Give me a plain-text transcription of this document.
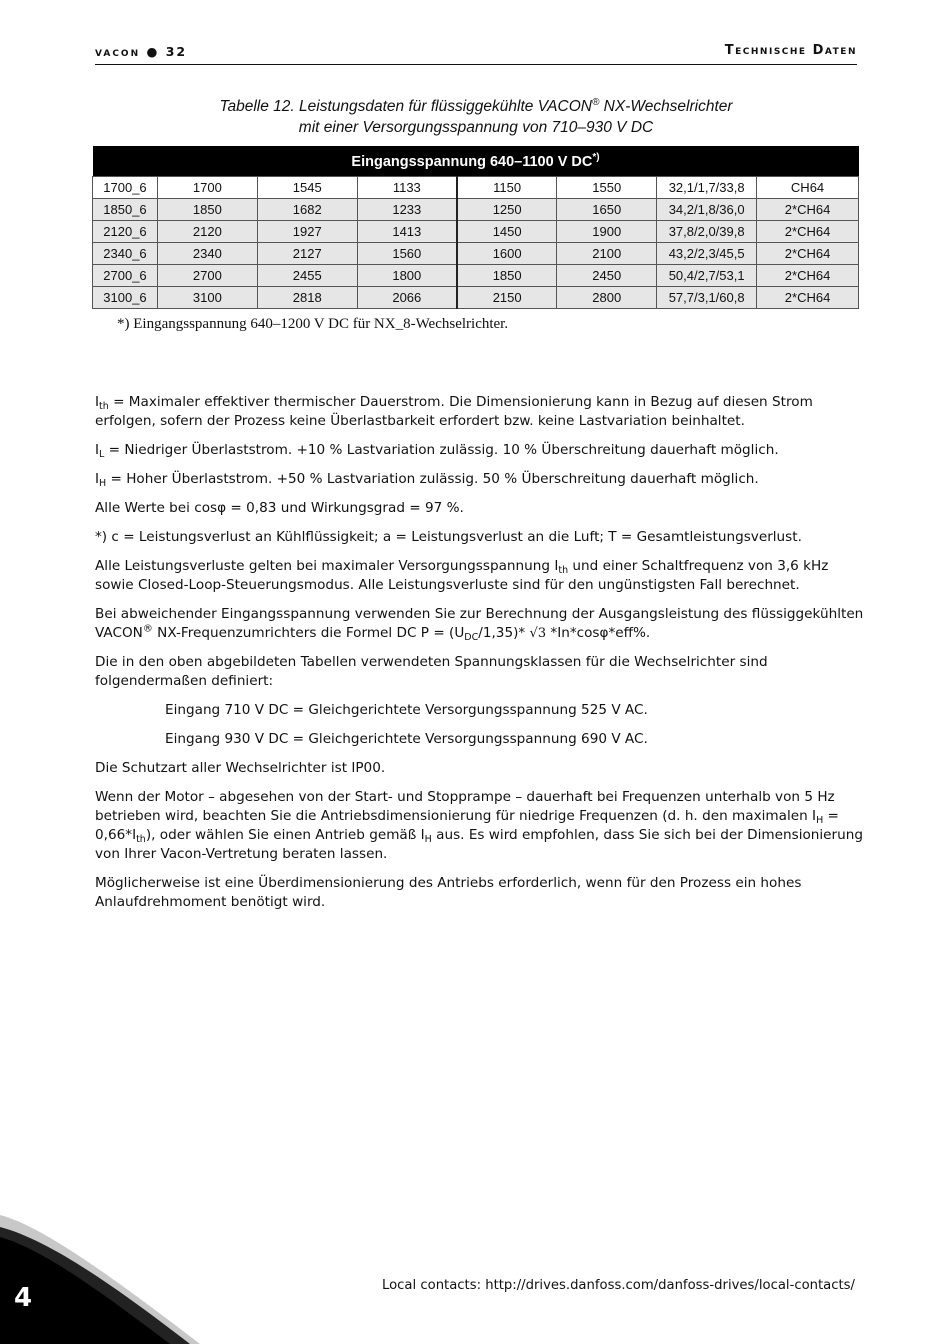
vacon ● 32	Technische Daten
Tabelle 12. Leistungsdaten für flüssiggekühlte VACON® NX-Wechselrichter
mit einer Versorgungsspannung von 710–930 V DC
Eingangsspannung 640–1100 V DC*)
1700_6	1700	1545	1133	1150	1550	32,1/1,7/33,8	CH64
1850_6	1850	1682	1233	1250	1650	34,2/1,8/36,0	2*CH64
2120_6	2120	1927	1413	1450	1900	37,8/2,0/39,8	2*CH64
2340_6	2340	2127	1560	1600	2100	43,2/2,3/45,5	2*CH64
2700_6	2700	2455	1800	1850	2450	50,4/2,7/53,1	2*CH64
3100_6	3100	2818	2066	2150	2800	57,7/3,1/60,8	2*CH64
*) Eingangsspannung 640–1200 V DC für NX_8-Wechselrichter.

$I_{th}$ = Maximaler effektiver thermischer Dauerstrom. Die Dimensionierung kann in Bezug auf diesen Strom erfolgen, sofern der Prozess keine Überlastbarkeit erfordert bzw. keine Lastvariation beinhaltet.

$I_L$ = Niedriger Überlaststrom. +10 % Lastvariation zulässig. 10 % Überschreitung dauerhaft möglich.

$I_H$ = Hoher Überlaststrom. +50 % Lastvariation zulässig. 50 % Überschreitung dauerhaft möglich.

Alle Werte bei cosφ = 0,83 und Wirkungsgrad = 97 %.

*) c = Leistungsverlust an Kühlflüssigkeit; a = Leistungsverlust an die Luft; T = Gesamtleistungsverlust.

Alle Leistungsverluste gelten bei maximaler Versorgungsspannung $I_{th}$ und einer Schaltfrequenz von 3,6 kHz sowie Closed-Loop-Steuerungsmodus. Alle Leistungsverluste sind für den ungünstigsten Fall berechnet.

Bei abweichender Eingangsspannung verwenden Sie zur Berechnung der Ausgangsleistung des flüssiggekühlten VACON® NX-Frequenzumrichters die Formel DC $P = (U_{DC}/1,35)*$ √3 *In*cosφ*eff%.

Die in den oben abgebildeten Tabellen verwendeten Spannungsklassen für die Wechselrichter sind folgendermaßen definiert:

Eingang 710 V DC = Gleichgerichtete Versorgungsspannung 525 V AC.

Eingang 930 V DC = Gleichgerichtete Versorgungsspannung 690 V AC.

Die Schutzart aller Wechselrichter ist IP00.

Wenn der Motor – abgesehen von der Start- und Stopprampe – dauerhaft bei Frequenzen unterhalb von 5 Hz betrieben wird, beachten Sie die Antriebsdimensionierung für niedrige Frequenzen (d. h. den maximalen $I_H = 0,66*I_{th}$), oder wählen Sie einen Antrieb gemäß $I_H$ aus. Es wird empfohlen, dass Sie sich bei der Dimensionierung von Ihrer Vacon-Vertretung beraten lassen.

Möglicherweise ist eine Überdimensionierung des Antriebs erforderlich, wenn für den Prozess ein hohes Anlaufdrehmoment benötigt wird.

4	Local contacts: http://drives.danfoss.com/danfoss-drives/local-contacts/
